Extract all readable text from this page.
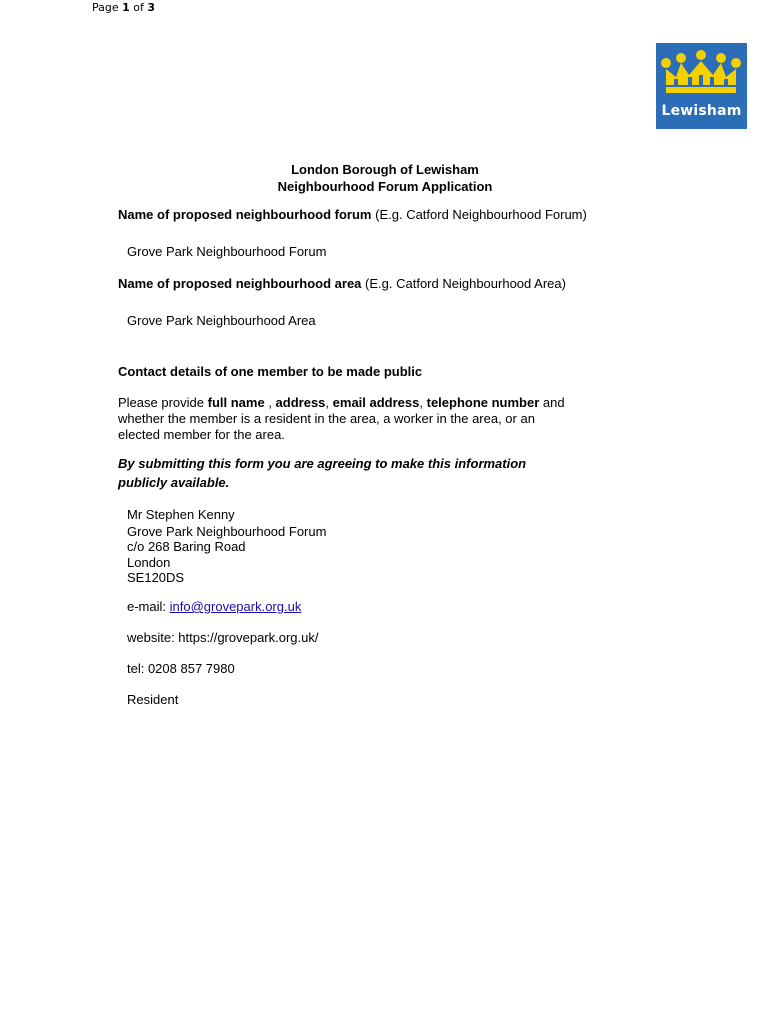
Page 1 of 3
Lewisham
London Borough of Lewisham
Neighbourhood Forum Application
Name of proposed neighbourhood forum (E.g. Catford Neighbourhood Forum)
Grove Park Neighbourhood Forum
Name of proposed neighbourhood area (E.g. Catford Neighbourhood Area)
Grove Park Neighbourhood Area
Contact details of one member to be made public
Please provide full name , address, email address, telephone number and
whether the member is a resident in the area, a worker in the area, or an
elected member for the area.
By submitting this form you are agreeing to make this information
publicly available.
Mr Stephen Kenny
Grove Park Neighbourhood Forum
c/o 268 Baring Road
London
SE120DS
e-mail: info@grovepark.org.uk
website: https://grovepark.org.uk/
tel: 0208 857 7980
Resident
